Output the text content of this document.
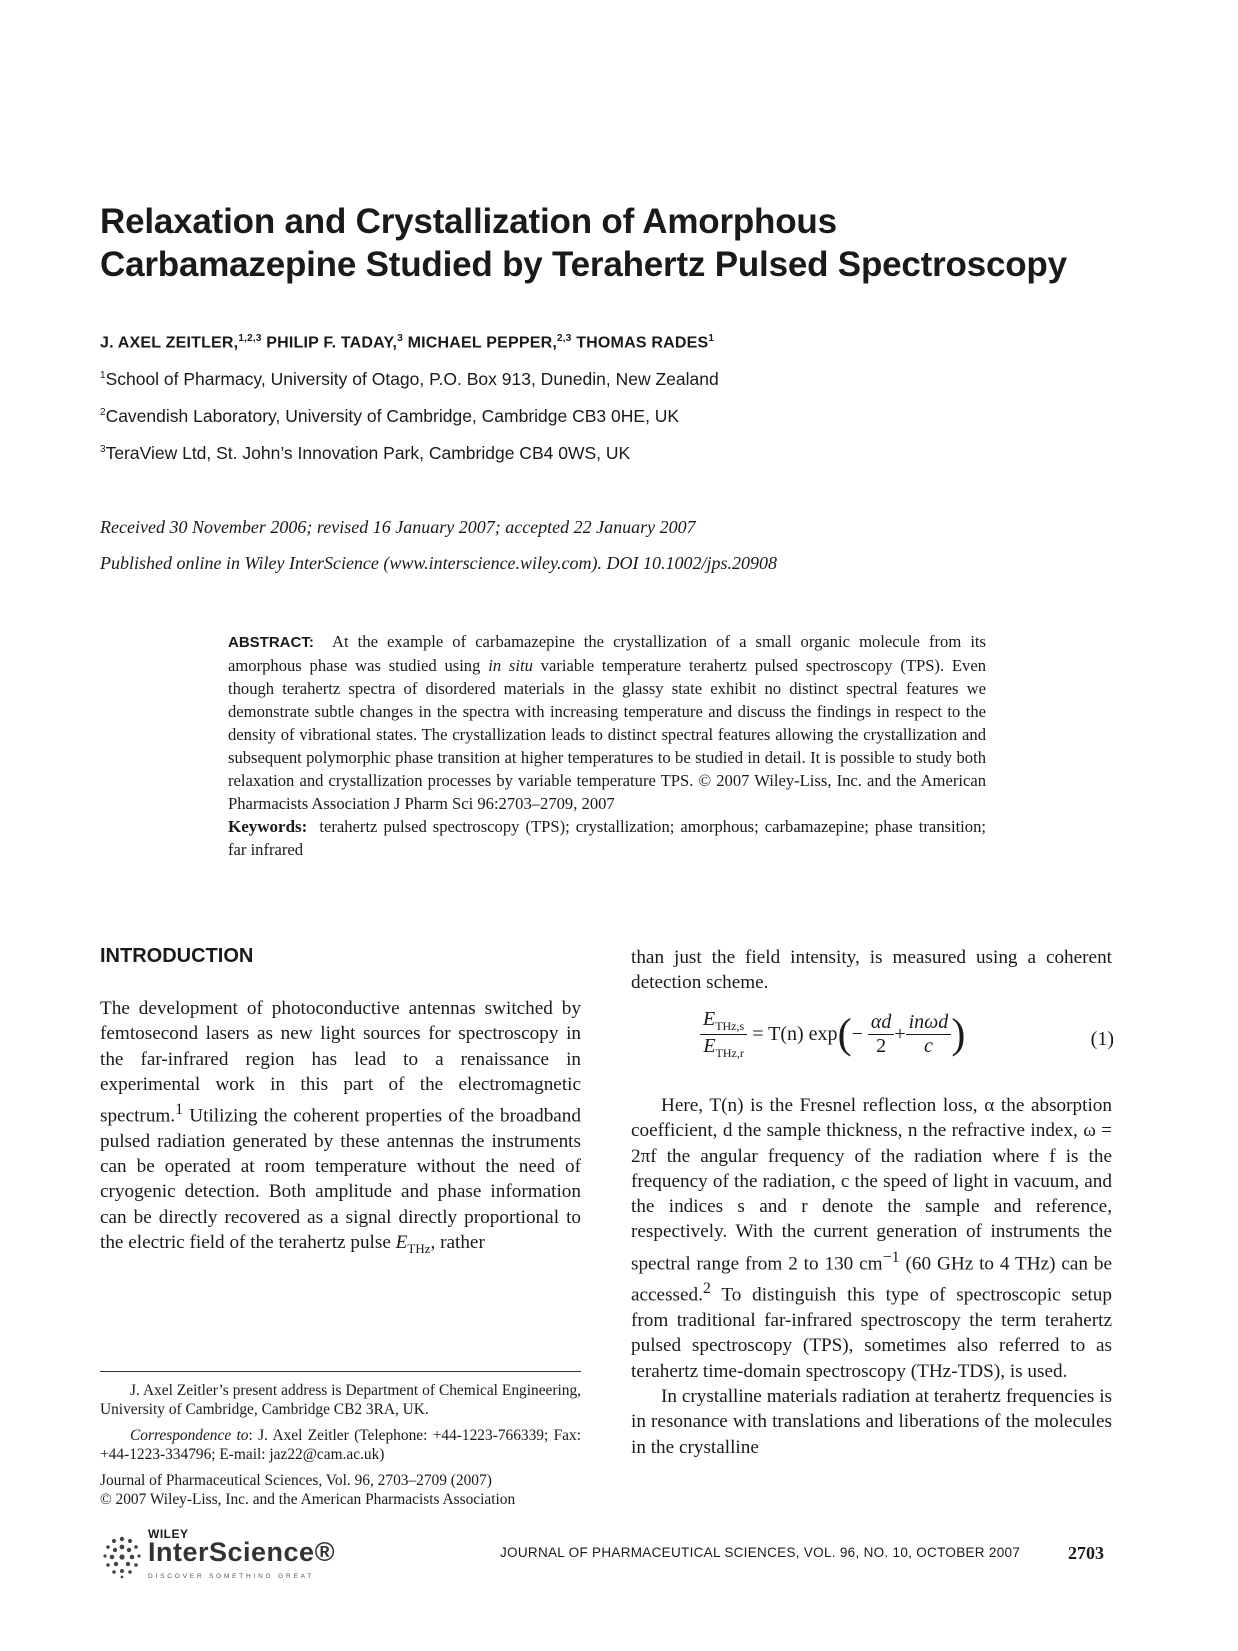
Relaxation and Crystallization of Amorphous
Carbamazepine Studied by Terahertz Pulsed Spectroscopy
J. AXEL ZEITLER,$^{1,2,3}$ PHILIP F. TADAY,$^3$ MICHAEL PEPPER,$^{2,3}$ THOMAS RADES$^1$
$^1$School of Pharmacy, University of Otago, P.O. Box 913, Dunedin, New Zealand
$^2$Cavendish Laboratory, University of Cambridge, Cambridge CB3 0HE, UK
$^3$TeraView Ltd, St. John’s Innovation Park, Cambridge CB4 0WS, UK
Received 30 November 2006; revised 16 January 2007; accepted 22 January 2007
Published online in Wiley InterScience (www.interscience.wiley.com). DOI 10.1002/jps.20908
ABSTRACT: At the example of carbamazepine the crystallization of a small organic molecule from its amorphous phase was studied using in situ variable temperature terahertz pulsed spectroscopy (TPS). Even though terahertz spectra of disordered materials in the glassy state exhibit no distinct spectral features we demonstrate subtle changes in the spectra with increasing temperature and discuss the findings in respect to the density of vibrational states. The crystallization leads to distinct spectral features allowing the crystallization and subsequent polymorphic phase transition at higher temperatures to be studied in detail. It is possible to study both relaxation and crystallization processes by variable temperature TPS. © 2007 Wiley-Liss, Inc. and the American Pharmacists Association J Pharm Sci 96:2703–2709, 2007
Keywords: terahertz pulsed spectroscopy (TPS); crystallization; amorphous; carbamazepine; phase transition; far infrared
INTRODUCTION
The development of photoconductive antennas switched by femtosecond lasers as new light sources for spectroscopy in the far-infrared region has lead to a renaissance in experimental work in this part of the electromagnetic spectrum.$^1$ Utilizing the coherent properties of the broadband pulsed radiation generated by these antennas the instruments can be operated at room temperature without the need of cryogenic detection. Both amplitude and phase information can be directly recovered as a signal directly proportional to the electric field of the terahertz pulse $E_{THz}$, rather
than just the field intensity, is measured using a coherent detection scheme.
$\frac{E_{THz,s}}{E_{THz,r}} = T(n)$ $\exp(- \frac{\alpha d}{2} + \frac{\text{inωd}}{c}$ )	(1)

Here, T(n) is the Fresnel reflection loss, α the absorption coefficient, d the sample thickness, n the refractive index, ω = 2πf the angular frequency of the radiation where f is the frequency of the radiation, c the speed of light in vacuum, and the indices s and r denote the sample and reference, respectively. With the current generation of instruments the spectral range from 2 to 130 $cm^{-1}$ (60 GHz to 4 THz) can be accessed.$^2$ To distinguish this type of spectroscopic setup from traditional far-infrared spectroscopy the term terahertz pulsed spectroscopy (TPS), sometimes also referred to as terahertz time-domain spectroscopy (THz-TDS), is used.

In crystalline materials radiation at terahertz frequencies is in resonance with translations and liberations of the molecules in the crystalline

J. Axel Zeitler’s present address is Department of Chemical Engineering, University of Cambridge, Cambridge CB2 3RA, UK.

Correspondence to: J. Axel Zeitler (Telephone: +44-1223-766339; Fax: +44-1223-334796; E-mail: jaz22@cam.ac.uk)

Journal of Pharmaceutical Sciences, Vol. 96, 2703–2709 (2007)
© 2007 Wiley-Liss, Inc. and the American Pharmacists Association
WILEY
InterScience®
DISCOVER SOMETHING GREAT
JOURNAL OF PHARMACEUTICAL SCIENCES, VOL. 96, NO. 10, OCTOBER 2007	2703
